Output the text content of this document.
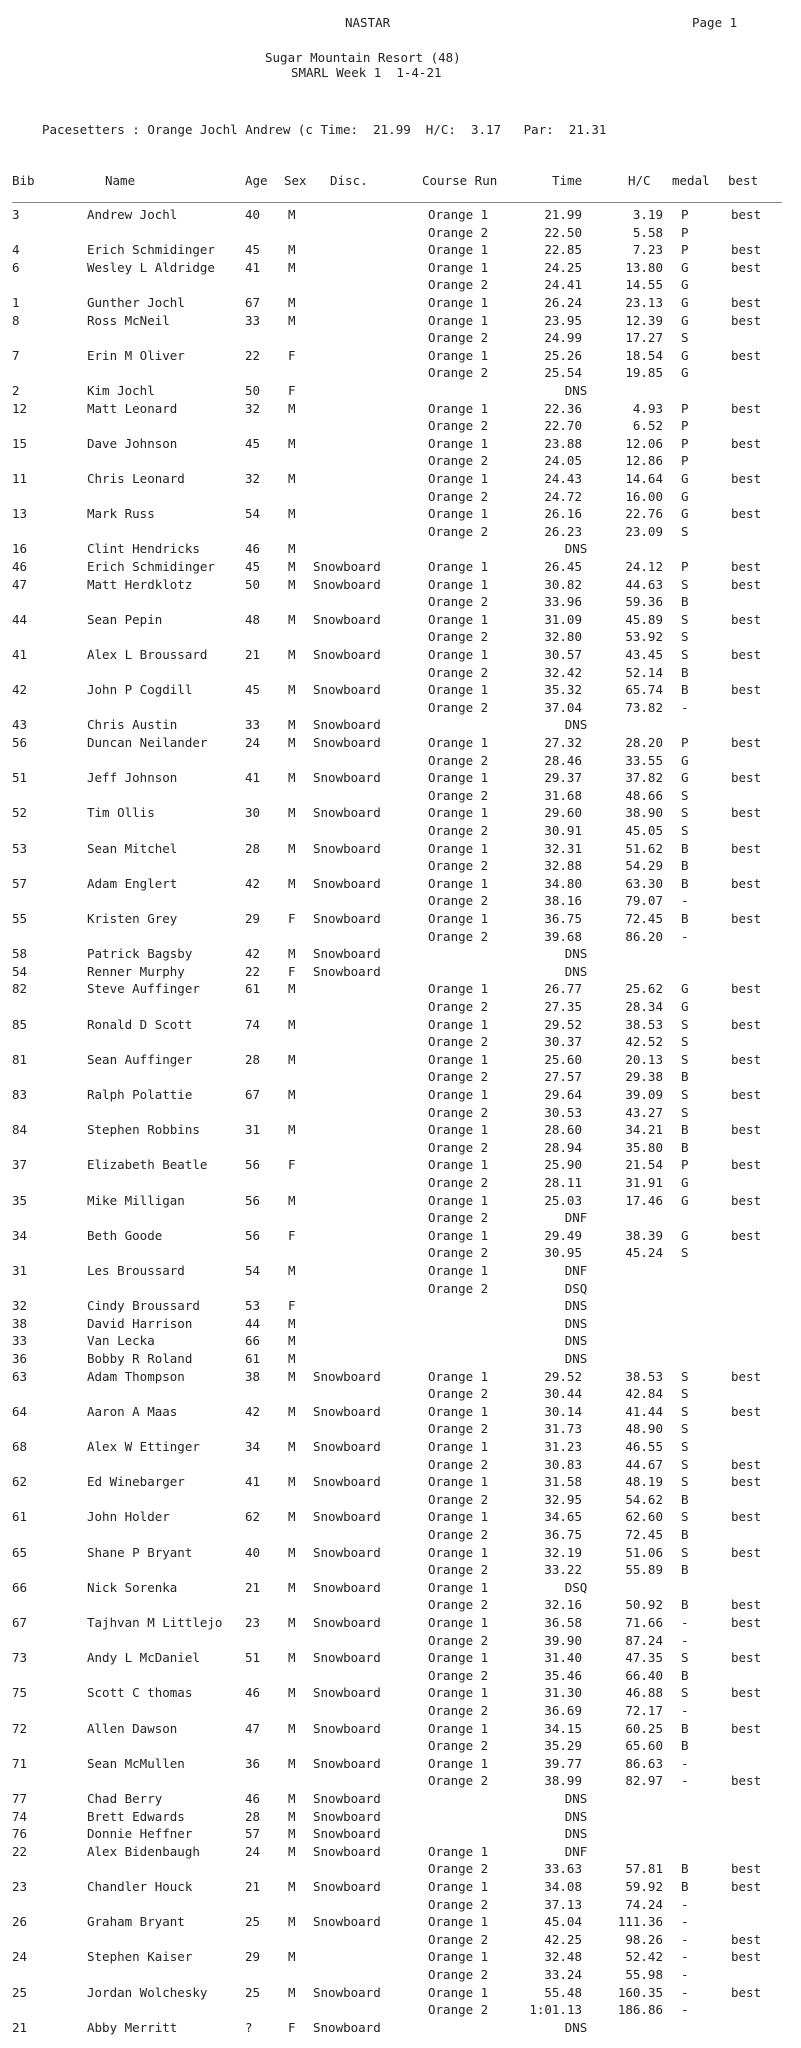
NASTAR	Page 1
Sugar Mountain Resort (48)
SMARL Week 1  1-4-21
Pacesetters : Orange Jochl Andrew (c Time:  21.99  H/C:  3.17   Par:  21.31
Bib	Name	Age Sex Disc.	Course Run	Time	H/C medal best
3	Andrew Jochl	40 M	Orange 1	21.99	3.19 P	best
Orange 2	22.50	5.58 P
4	Erich Schmidinger 45 M	Orange 1	22.85	7.23 P	best
6	Wesley L Aldridge 41 M	Orange 1	24.25	13.80 G	best
Orange 2	24.41	14.55 G
1	Gunther Jochl	67 M	Orange 1	26.24	23.13 G	best
8	Ross McNeil	33 M	Orange 1	23.95	12.39 G	best
Orange 2	24.99	17.27 S
7	Erin M Oliver	22 F	Orange 1	25.26	18.54 G	best
Orange 2	25.54	19.85 G
2	Kim Jochl	50 F	DNS
12	Matt Leonard	32 M	Orange 1	22.36	4.93 P	best
Orange 2	22.70	6.52 P
15	Dave Johnson	45 M	Orange 1	23.88	12.06 P	best
Orange 2	24.05	12.86 P
11	Chris Leonard	32 M	Orange 1	24.43	14.64 G	best
Orange 2	24.72	16.00 G
13	Mark Russ	54 M	Orange 1	26.16	22.76 G	best
Orange 2	26.23	23.09 S
16	Clint Hendricks	46 M	DNS
46	Erich Schmidinger 45 M Snowboard	Orange 1	26.45	24.12 P	best
47	Matt Herdklotz	50 M Snowboard	Orange 1	30.82	44.63 S	best
Orange 2	33.96	59.36 B
44	Sean Pepin	48 M Snowboard	Orange 1	31.09	45.89 S	best
Orange 2	32.80	53.92 S
41	Alex L Broussard	21 M Snowboard	Orange 1	30.57	43.45 S	best
Orange 2	32.42	52.14 B
42	John P Cogdill	45 M Snowboard	Orange 1	35.32	65.74 B	best
Orange 2	37.04	73.82 -
43	Chris Austin	33 M Snowboard	DNS
56	Duncan Neilander	24 M Snowboard	Orange 1	27.32	28.20 P	best
Orange 2	28.46	33.55 G
51	Jeff Johnson	41 M Snowboard	Orange 1	29.37	37.82 G	best
Orange 2	31.68	48.66 S
52	Tim Ollis	30 M Snowboard	Orange 1	29.60	38.90 S	best
Orange 2	30.91	45.05 S
53	Sean Mitchel	28 M Snowboard	Orange 1	32.31	51.62 B	best
Orange 2	32.88	54.29 B
57	Adam Englert	42 M Snowboard	Orange 1	34.80	63.30 B	best
Orange 2	38.16	79.07 -
55	Kristen Grey	29 F Snowboard	Orange 1	36.75	72.45 B	best
Orange 2	39.68	86.20 -
58	Patrick Bagsby	42 M Snowboard	DNS
54	Renner Murphy	22 F Snowboard	DNS
82	Steve Auffinger	61 M	Orange 1	26.77	25.62 G	best
Orange 2	27.35	28.34 G
85	Ronald D Scott	74 M	Orange 1	29.52	38.53 S	best
Orange 2	30.37	42.52 S
81	Sean Auffinger	28 M	Orange 1	25.60	20.13 S	best
Orange 2	27.57	29.38 B
83	Ralph Polattie	67 M	Orange 1	29.64	39.09 S	best
Orange 2	30.53	43.27 S
84	Stephen Robbins	31 M	Orange 1	28.60	34.21 B	best
Orange 2	28.94	35.80 B
37	Elizabeth Beatle	56 F	Orange 1	25.90	21.54 P	best
Orange 2	28.11	31.91 G
35	Mike Milligan	56 M	Orange 1	25.03	17.46 G	best
Orange 2	DNF
34	Beth Goode	56 F	Orange 1	29.49	38.39 G	best
Orange 2	30.95	45.24 S
31	Les Broussard	54 M	Orange 1	DNF
Orange 2	DSQ
32	Cindy Broussard	53 F	DNS
38	David Harrison	44 M	DNS
33	Van Lecka	66 M	DNS
36	Bobby R Roland	61 M	DNS
63	Adam Thompson	38 M Snowboard	Orange 1	29.52	38.53 S	best
Orange 2	30.44	42.84 S
64	Aaron A Maas	42 M Snowboard	Orange 1	30.14	41.44 S	best
Orange 2	31.73	48.90 S
68	Alex W Ettinger	34 M Snowboard	Orange 1	31.23	46.55 S
Orange 2	30.83	44.67 S	best
62	Ed Winebarger	41 M Snowboard	Orange 1	31.58	48.19 S	best
Orange 2	32.95	54.62 B
61	John Holder	62 M Snowboard	Orange 1	34.65	62.60 S	best
Orange 2	36.75	72.45 B
65	Shane P Bryant	40 M Snowboard	Orange 1	32.19	51.06 S	best
Orange 2	33.22	55.89 B
66	Nick Sorenka	21 M Snowboard	Orange 1	DSQ
Orange 2	32.16	50.92 B	best
67	Tajhvan M Littlejo 23 M Snowboard	Orange 1	36.58	71.66 -	best
Orange 2	39.90	87.24 -
73	Andy L McDaniel	51 M Snowboard	Orange 1	31.40	47.35 S	best
Orange 2	35.46	66.40 B
75	Scott C thomas	46 M Snowboard	Orange 1	31.30	46.88 S	best
Orange 2	36.69	72.17 -
72	Allen Dawson	47 M Snowboard	Orange 1	34.15	60.25 B	best
Orange 2	35.29	65.60 B
71	Sean McMullen	36 M Snowboard	Orange 1	39.77	86.63 -
Orange 2	38.99	82.97 -	best
77	Chad Berry	46 M Snowboard	DNS
74	Brett Edwards	28 M Snowboard	DNS
76	Donnie Heffner	57 M Snowboard	DNS
22	Alex Bidenbaugh	24 M Snowboard	Orange 1	DNF
Orange 2	33.63	57.81 B	best
23	Chandler Houck	21 M Snowboard	Orange 1	34.08	59.92 B	best
Orange 2	37.13	74.24 -
26	Graham Bryant	25 M Snowboard	Orange 1	45.04	111.36 -
Orange 2	42.25	98.26 -	best
24	Stephen Kaiser	29 M	Orange 1	32.48	52.42 -	best
Orange 2	33.24	55.98 -
25	Jordan Wolchesky	25 M Snowboard	Orange 1	55.48	160.35 -	best
Orange 2	1:01.13	186.86 -
21	Abby Merritt	?	F Snowboard	DNS
